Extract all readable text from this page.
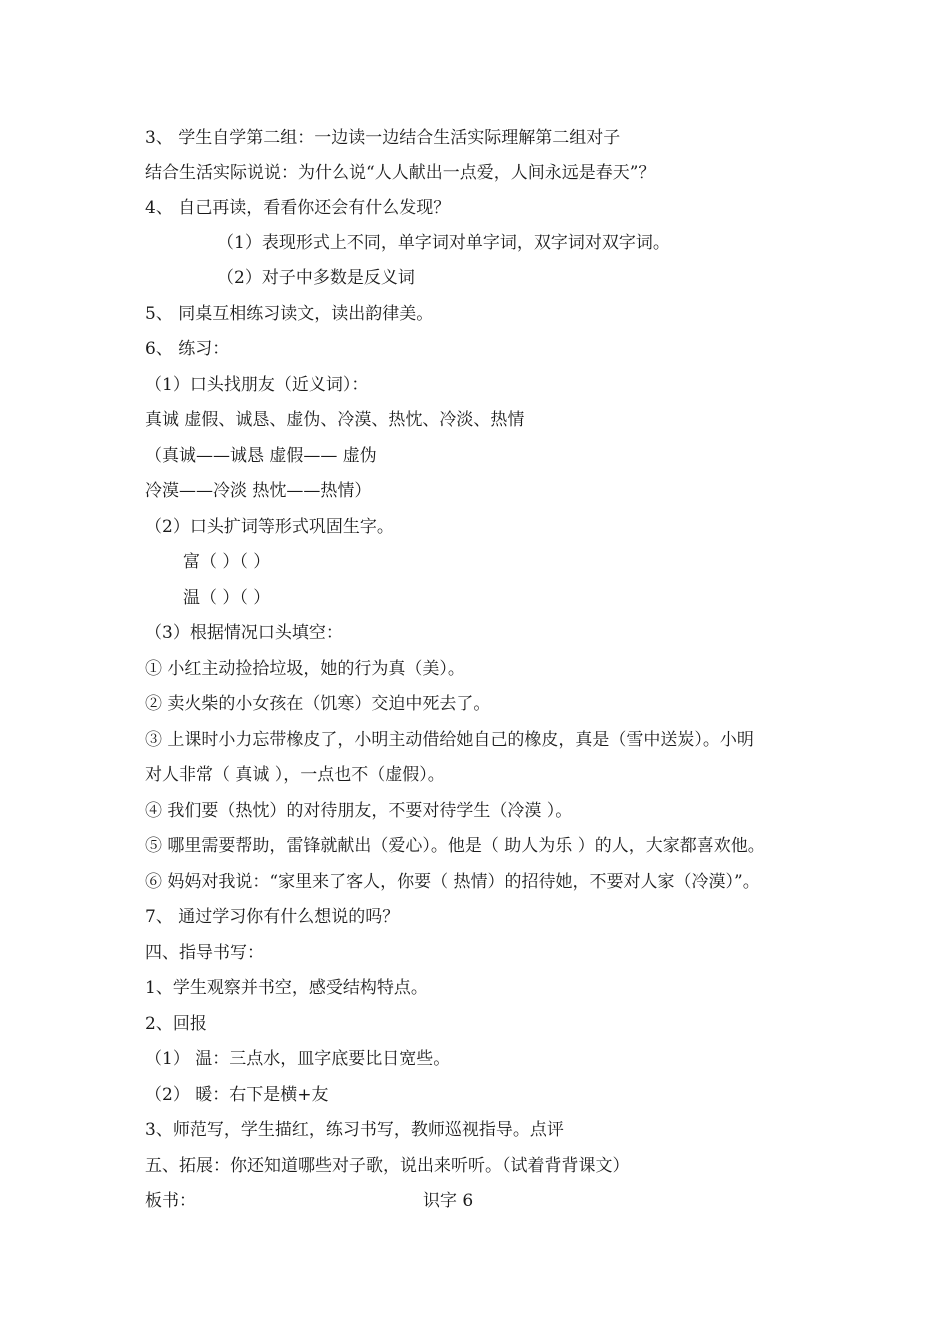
3、 学生自学第二组：一边读一边结合生活实际理解第二组对子
结合生活实际说说：为什么说“人人献出一点爱，人间永远是春天”？
4、 自己再读，看看你还会有什么发现？
（1）表现形式上不同，单字词对单字词，双字词对双字词。
（2）对子中多数是反义词
5、 同桌互相练习读文，读出韵律美。
6、 练习：
（1）口头找朋友（近义词）：
真诚 虚假、诚恳、虚伪、冷漠、热忱、冷淡、热情
（真诚——诚恳 虚假—— 虚伪
冷漠——冷淡 热忱——热情）
（2）口头扩词等形式巩固生字。
富（ ）（ ）
温（ ）（ ）
（3）根据情况口头填空：
① 小红主动捡拾垃圾，她的行为真（美）。
② 卖火柴的小女孩在（饥寒）交迫中死去了。
③ 上课时小力忘带橡皮了，小明主动借给她自己的橡皮，真是（雪中送炭）。小明
对人非常（ 真诚 ），一点也不（虚假）。
④ 我们要（热忱）的对待朋友，不要对待学生（冷漠 ）。
⑤ 哪里需要帮助，雷锋就献出（爱心）。他是（ 助人为乐 ）的人，大家都喜欢他。
⑥ 妈妈对我说：“家里来了客人，你要（ 热情）的招待她，不要对人家（冷漠）”。
7、 通过学习你有什么想说的吗？
四、指导书写：
1、学生观察并书空，感受结构特点。
2、回报
（1） 温：三点水，皿字底要比日宽些。
（2） 暖：右下是横+友
3、师范写，学生描红，练习书写，教师巡视指导。点评
五、拓展：你还知道哪些对子歌，说出来听听。（试着背背课文）
板书：	识字 6
